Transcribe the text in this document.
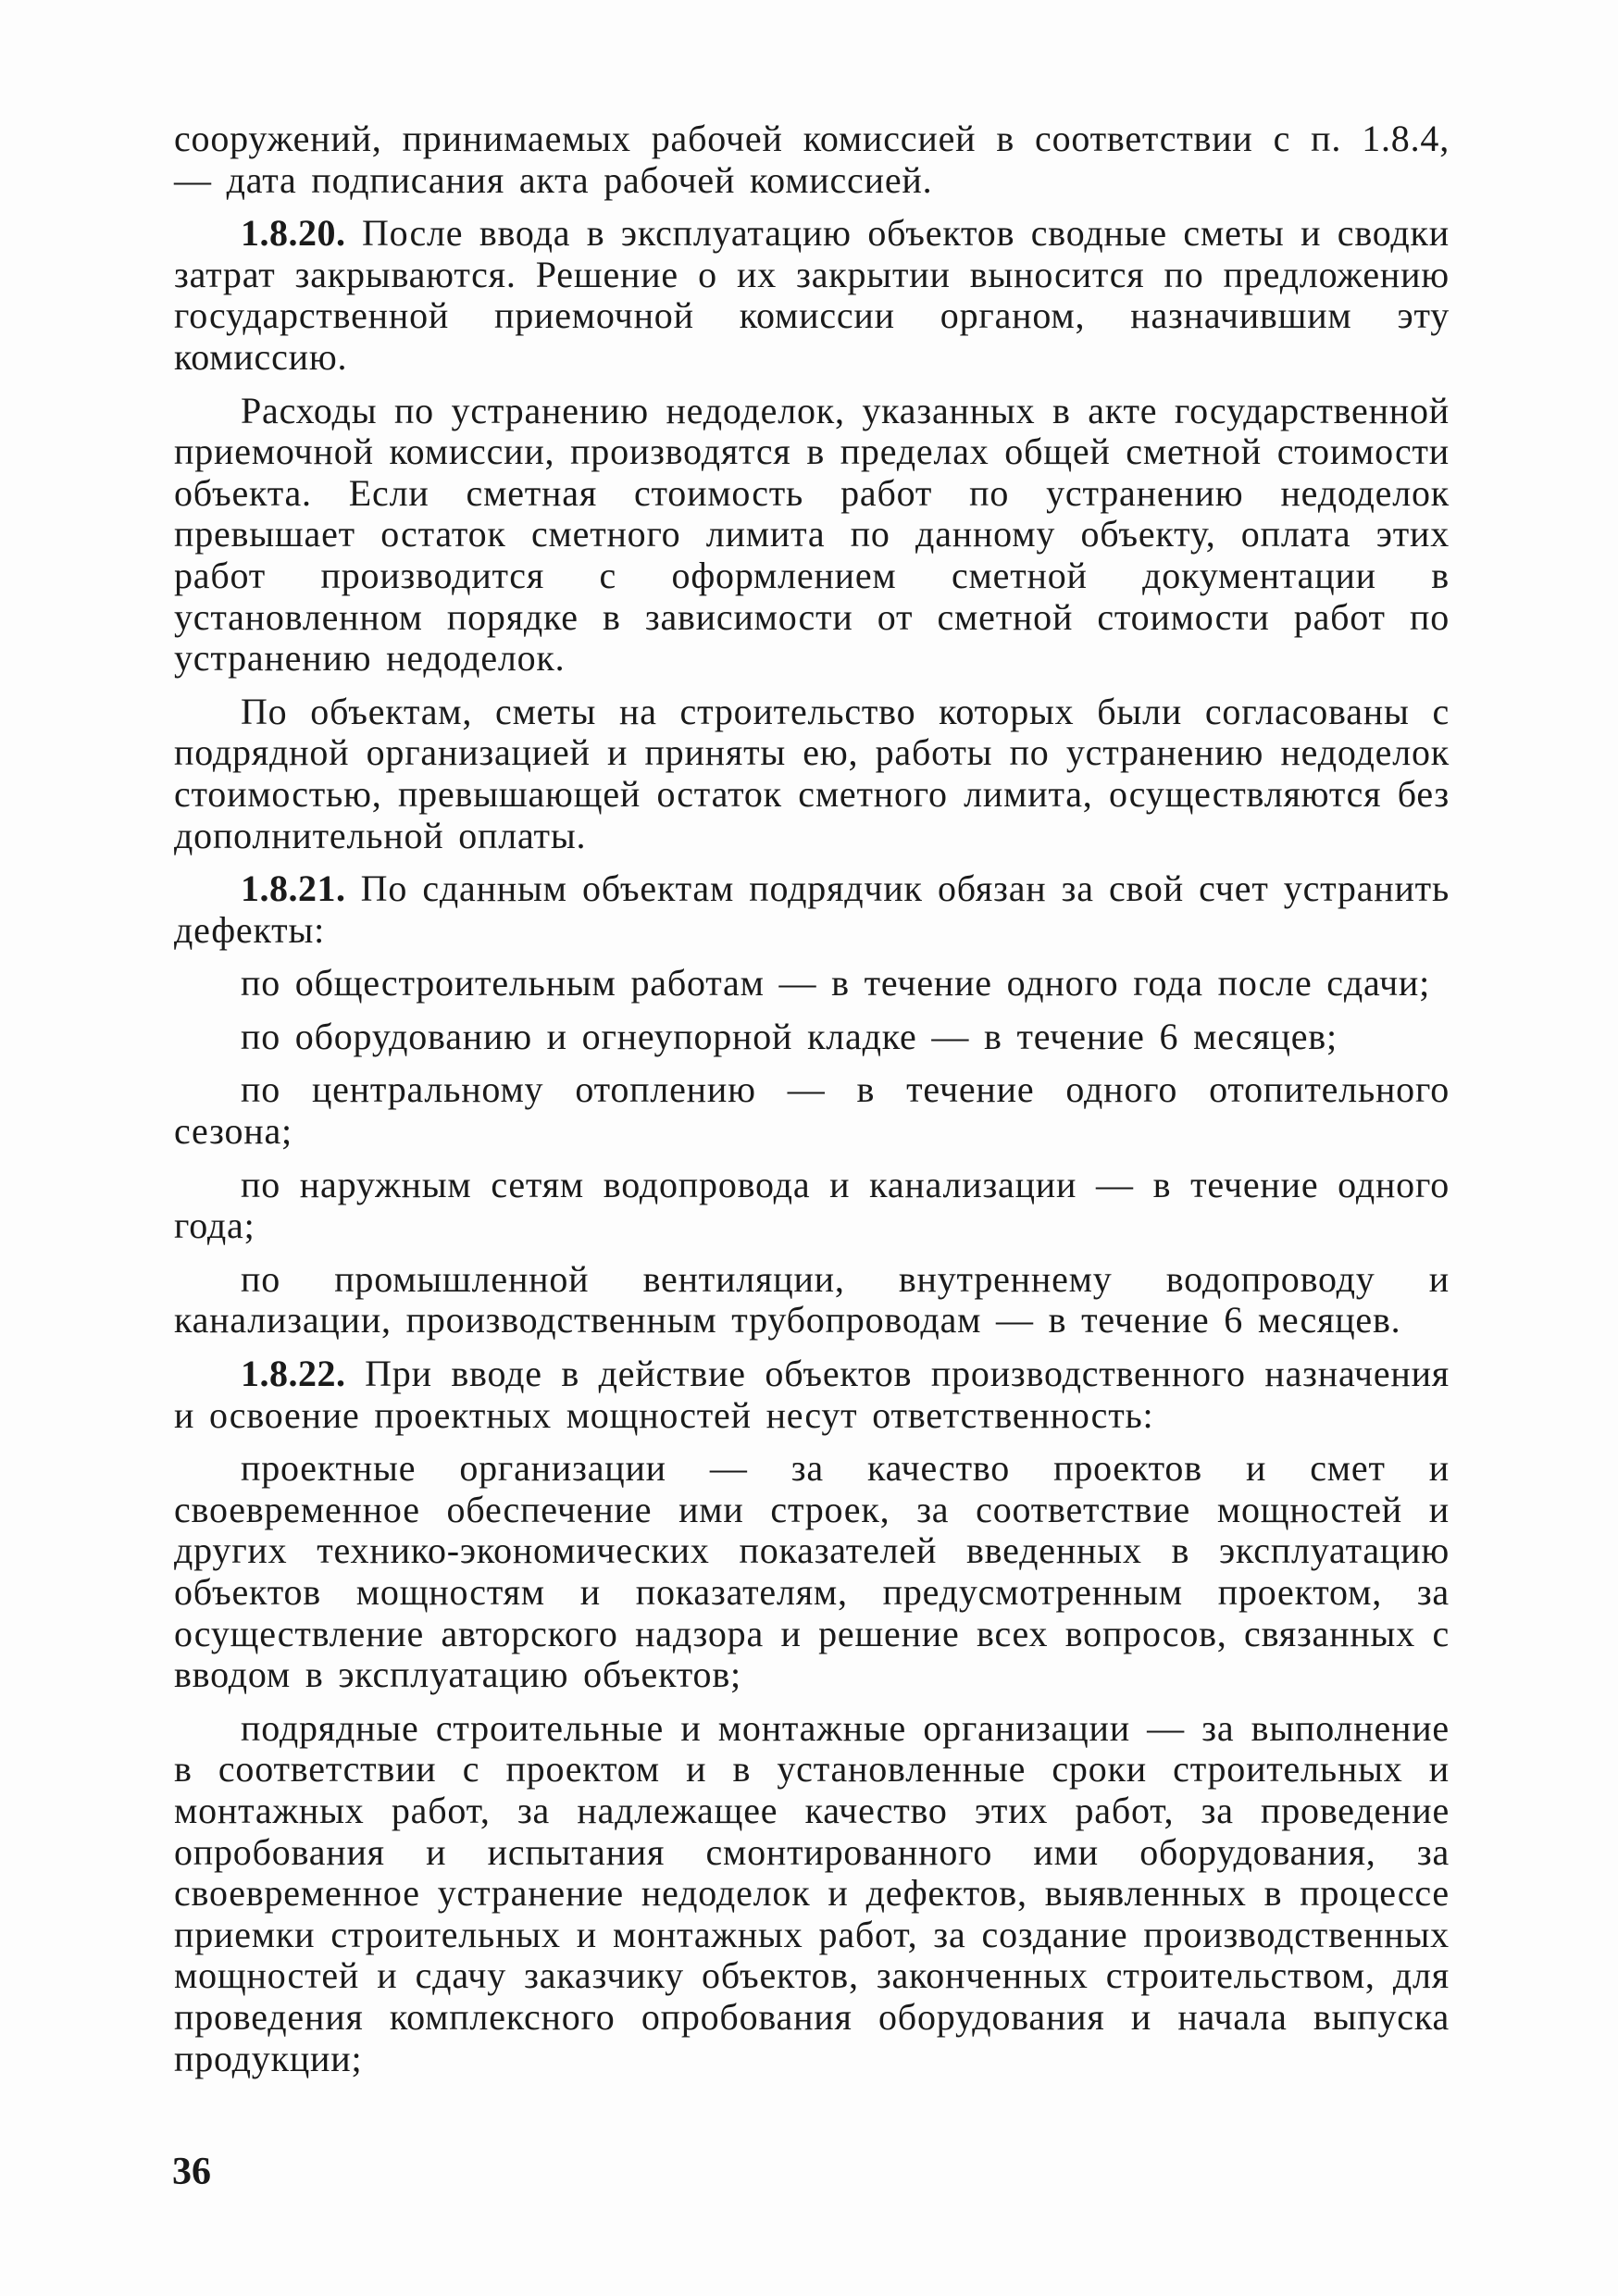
сооружений, принимаемых рабочей комиссией в соответствии с п. 1.8.4, — дата подписания акта рабочей комиссией.

1.8.20. После ввода в эксплуатацию объектов сводные сметы и сводки затрат закрываются. Решение о их закрытии выносится по предложению государственной приемочной комиссии органом, назначившим эту комиссию.

Расходы по устранению недоделок, указанных в акте государственной приемочной комиссии, производятся в пределах общей сметной стоимости объекта. Если сметная стоимость работ по устранению недоделок превышает остаток сметного лимита по данному объекту, оплата этих работ производится с оформлением сметной документации в установленном порядке в зависимости от сметной стоимости работ по устранению недоделок.

По объектам, сметы на строительство которых были согласованы с подрядной организацией и приняты ею, работы по устранению недоделок стоимостью, превышающей остаток сметного лимита, осуществляются без дополнительной оплаты.

1.8.21. По сданным объектам подрядчик обязан за свой счет устранить дефекты:

по общестроительным работам — в течение одного года после сдачи;

по оборудованию и огнеупорной кладке — в течение 6 месяцев;

по центральному отоплению — в течение одного отопительного сезона;

по наружным сетям водопровода и канализации — в течение одного года;

по промышленной вентиляции, внутреннему водопроводу и канализации, производственным трубопроводам — в течение 6 месяцев.

1.8.22. При вводе в действие объектов производственного назначения и освоение проектных мощностей несут ответственность:

проектные организации — за качество проектов и смет и своевременное обеспечение ими строек, за соответствие мощностей и других технико-экономических показателей введенных в эксплуатацию объектов мощностям и показателям, предусмотренным проектом, за осуществление авторского надзора и решение всех вопросов, связанных с вводом в эксплуатацию объектов;

подрядные строительные и монтажные организации — за выполнение в соответствии с проектом и в установленные сроки строительных и монтажных работ, за надлежащее качество этих работ, за проведение опробования и испытания смонтированного ими оборудования, за своевременное устранение недоделок и дефектов, выявленных в процессе приемки строительных и монтажных работ, за создание производственных мощностей и сдачу заказчику объектов, законченных строительством, для проведения комплексного опробования оборудования и начала выпуска продукции;

36
